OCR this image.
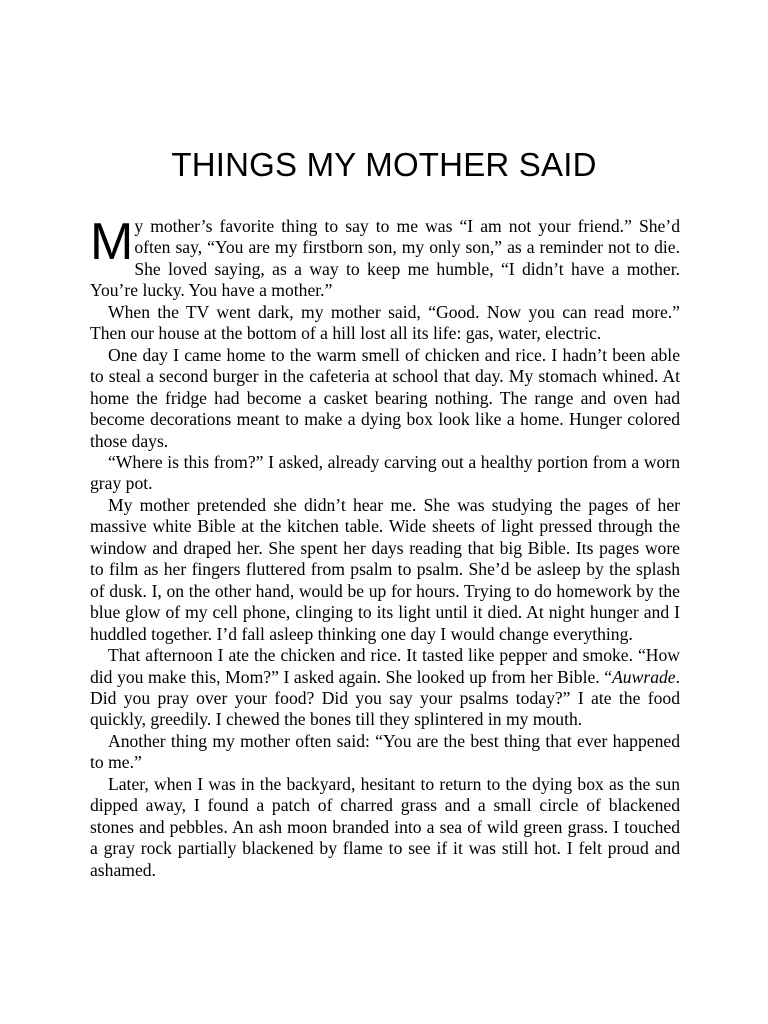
THINGS MY MOTHER SAID

My mother’s favorite thing to say to me was “I am not your friend.” She’d often say, “You are my firstborn son, my only son,” as a reminder not to die. She loved saying, as a way to keep me humble, “I didn’t have a mother. You’re lucky. You have a mother.”

When the TV went dark, my mother said, “Good. Now you can read more.” Then our house at the bottom of a hill lost all its life: gas, water, electric.

One day I came home to the warm smell of chicken and rice. I hadn’t been able to steal a second burger in the cafeteria at school that day. My stomach whined. At home the fridge had become a casket bearing nothing. The range and oven had become decorations meant to make a dying box look like a home. Hunger colored those days.

“Where is this from?” I asked, already carving out a healthy portion from a worn gray pot.

My mother pretended she didn’t hear me. She was studying the pages of her massive white Bible at the kitchen table. Wide sheets of light pressed through the window and draped her. She spent her days reading that big Bible. Its pages wore to film as her fingers fluttered from psalm to psalm. She’d be asleep by the splash of dusk. I, on the other hand, would be up for hours. Trying to do homework by the blue glow of my cell phone, clinging to its light until it died. At night hunger and I huddled together. I’d fall asleep thinking one day I would change everything.

That afternoon I ate the chicken and rice. It tasted like pepper and smoke. “How did you make this, Mom?” I asked again. She looked up from her Bible. “Auwrade. Did you pray over your food? Did you say your psalms today?” I ate the food quickly, greedily. I chewed the bones till they splintered in my mouth.

Another thing my mother often said: “You are the best thing that ever happened to me.”

Later, when I was in the backyard, hesitant to return to the dying box as the sun dipped away, I found a patch of charred grass and a small circle of blackened stones and pebbles. An ash moon branded into a sea of wild green grass. I touched a gray rock partially blackened by flame to see if it was still hot. I felt proud and ashamed.
